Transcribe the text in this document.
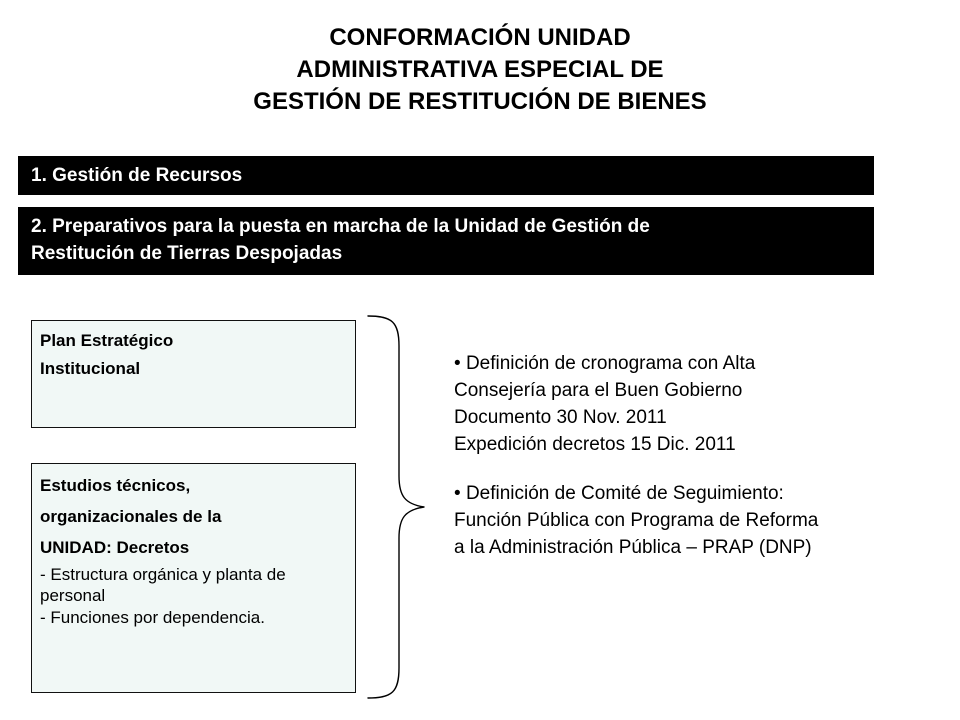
CONFORMACIÓN UNIDAD
ADMINISTRATIVA ESPECIAL DE
GESTIÓN DE RESTITUCIÓN DE BIENES
1. Gestión de Recursos
2. Preparativos para la puesta en marcha de la Unidad de Gestión de
Restitución de Tierras Despojadas
Plan Estratégico
Institucional
Estudios técnicos,
organizacionales de la
UNIDAD: Decretos
- Estructura orgánica y planta de personal
- Funciones por dependencia.

• Definición de cronograma con Alta

Consejería para el Buen Gobierno

Documento 30 Nov. 2011

Expedición decretos 15 Dic. 2011

• Definición de Comité de Seguimiento:

Función Pública con Programa de Reforma

a la Administración Pública – PRAP (DNP)
